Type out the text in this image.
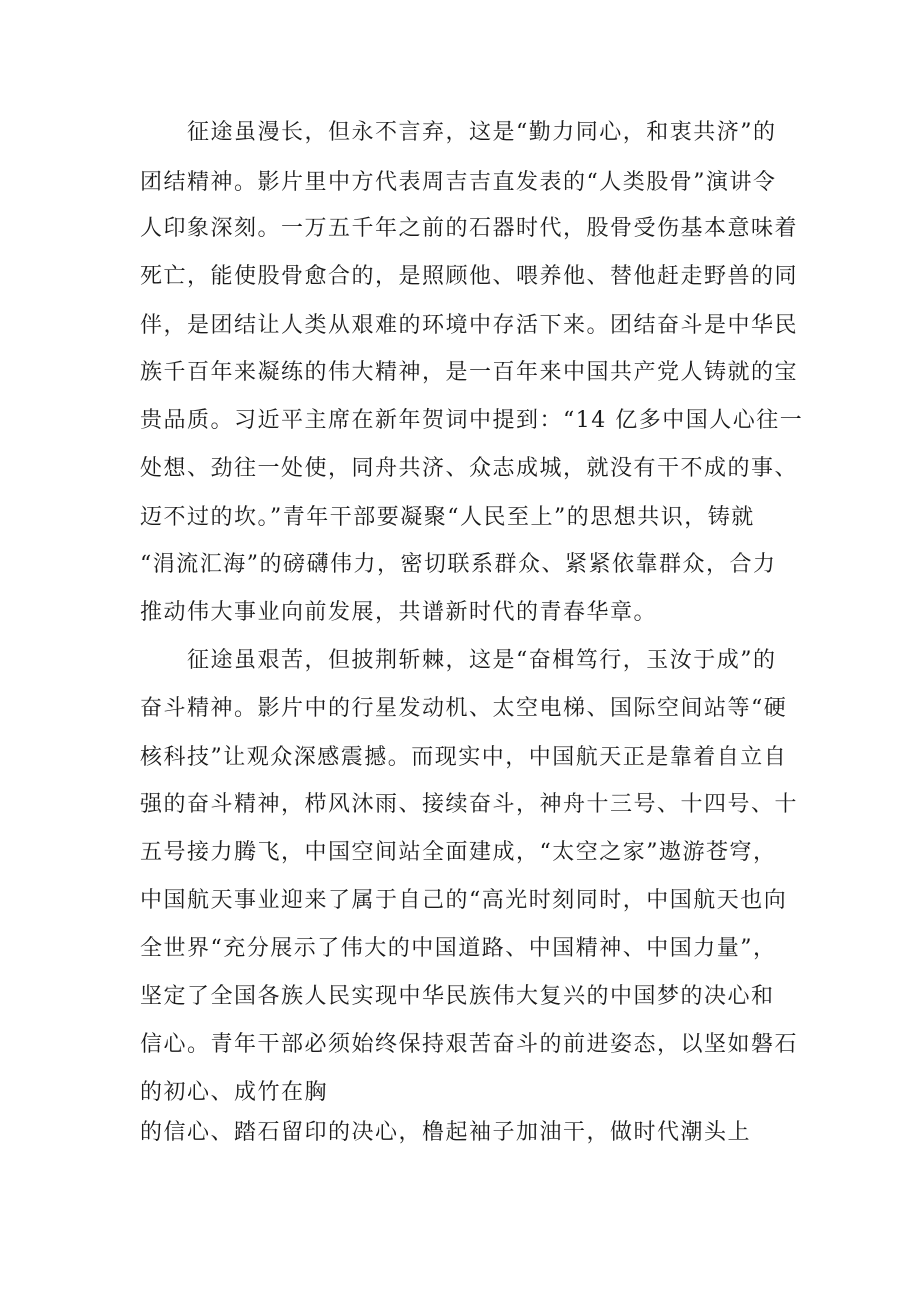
征途虽漫长，但永不言弃，这是“勤力同心，和衷共济”的
团结精神。影片里中方代表周吉吉直发表的“人类股骨”演讲令
人印象深刻。一万五千年之前的石器时代，股骨受伤基本意味着
死亡，能使股骨愈合的，是照顾他、喂养他、替他赶走野兽的同
伴，是团结让人类从艰难的环境中存活下来。团结奋斗是中华民
族千百年来凝练的伟大精神，是一百年来中国共产党人铸就的宝
贵品质。习近平主席在新年贺词中提到：“14 亿多中国人心往一
处想、劲往一处使，同舟共济、众志成城，就没有干不成的事、
迈不过的坎。”青年干部要凝聚“人民至上”的思想共识，铸就
“涓流汇海”的磅礴伟力，密切联系群众、紧紧依靠群众，合力
推动伟大事业向前发展，共谱新时代的青春华章。
征途虽艰苦，但披荆斩棘，这是“奋楫笃行，玉汝于成”的
奋斗精神。影片中的行星发动机、太空电梯、国际空间站等“硬
核科技”让观众深感震撼。而现实中，中国航天正是靠着自立自
强的奋斗精神，栉风沐雨、接续奋斗，神舟十三号、十四号、十
五号接力腾飞，中国空间站全面建成，“太空之家”遨游苍穹，
中国航天事业迎来了属于自己的“高光时刻同时，中国航天也向
全世界“充分展示了伟大的中国道路、中国精神、中国力量”，
坚定了全国各族人民实现中华民族伟大复兴的中国梦的决心和
信心。青年干部必须始终保持艰苦奋斗的前进姿态，以坚如磐石
的初心、成竹在胸
的信心、踏石留印的决心，橹起袖子加油干，做时代潮头上
